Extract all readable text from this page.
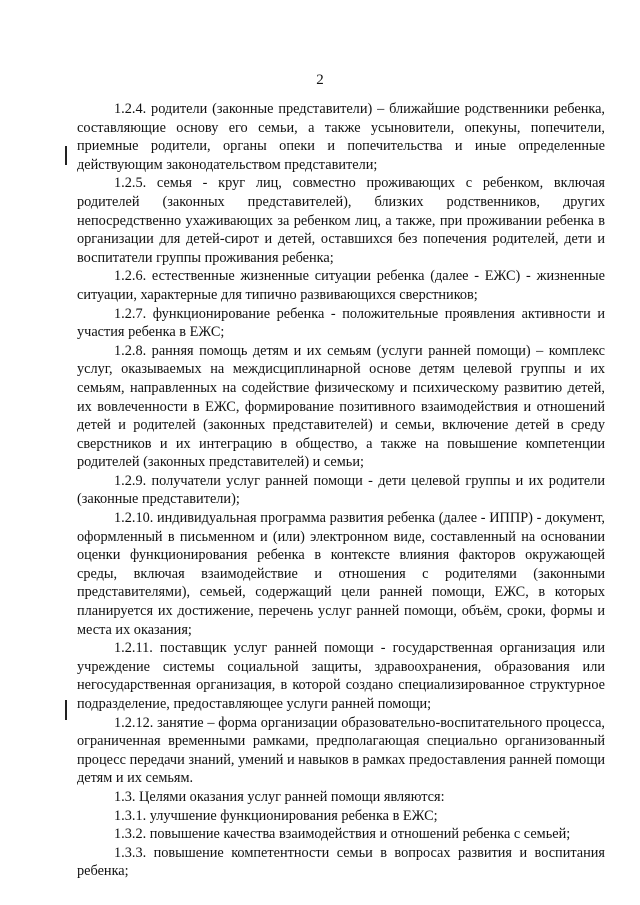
2

1.2.4. родители (законные представители) – ближайшие родственники ребенка, составляющие основу его семьи, а также усыновители, опекуны, попечители, приемные родители, органы опеки и попечительства и иные определенные действующим законодательством представители;

1.2.5. семья - круг лиц, совместно проживающих с ребенком, включая родителей (законных представителей), близких родственников, других непосредственно ухаживающих за ребенком лиц, а также, при проживании ребенка в организации для детей-сирот и детей, оставшихся без попечения родителей, дети и воспитатели группы проживания ребенка;

1.2.6. естественные жизненные ситуации ребенка (далее - ЕЖС) - жизненные ситуации, характерные для типично развивающихся сверстников;

1.2.7. функционирование ребенка - положительные проявления активности и участия ребенка в ЕЖС;

1.2.8. ранняя помощь детям и их семьям (услуги ранней помощи) – комплекс услуг, оказываемых на междисциплинарной основе детям целевой группы и их семьям, направленных на содействие физическому и психическому развитию детей, их вовлеченности в ЕЖС, формирование позитивного взаимодействия и отношений детей и родителей (законных представителей) и семьи, включение детей в среду сверстников и их интеграцию в общество, а также на повышение компетенции родителей (законных представителей) и семьи;

1.2.9. получатели услуг ранней помощи - дети целевой группы и их родители (законные представители);

1.2.10. индивидуальная программа развития ребенка (далее - ИППР) - документ, оформленный в письменном и (или) электронном виде, составленный на основании оценки функционирования ребенка в контексте влияния факторов окружающей среды, включая взаимодействие и отношения с родителями (законными представителями), семьей, содержащий цели ранней помощи, ЕЖС, в которых планируется их достижение, перечень услуг ранней помощи, объём, сроки, формы и места их оказания;

1.2.11. поставщик услуг ранней помощи - государственная организация или учреждение системы социальной защиты, здравоохранения, образования или негосударственная организация, в которой создано специализированное структурное подразделение, предоставляющее услуги ранней помощи;

1.2.12. занятие – форма организации образовательно-воспитательного процесса, ограниченная временными рамками, предполагающая специально организованный процесс передачи знаний, умений и навыков в рамках предоставления ранней помощи детям и их семьям.

1.3. Целями оказания услуг ранней помощи являются:

1.3.1. улучшение функционирования ребенка в ЕЖС;

1.3.2. повышение качества взаимодействия и отношений ребенка с семьей;

1.3.3. повышение компетентности семьи в вопросах развития и воспитания ребенка;
